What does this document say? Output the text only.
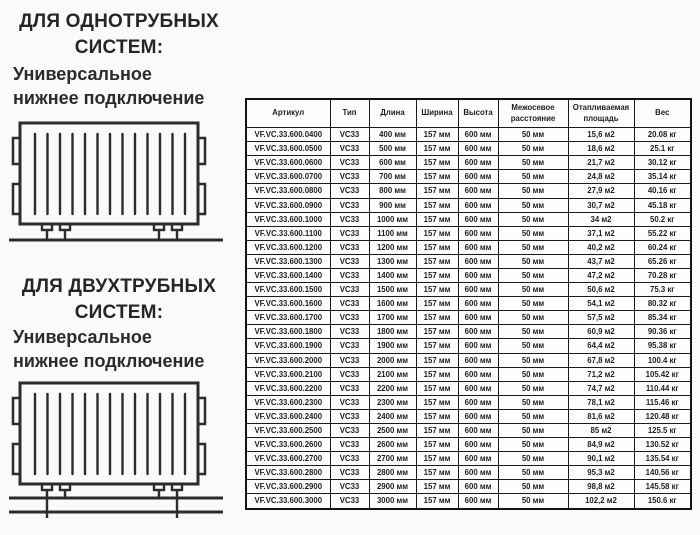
ДЛЯ ОДНОТРУБНЫХ
СИСТЕМ:
Универсальное
нижнее подключение
ДЛЯ ДВУХТРУБНЫХ
СИСТЕМ:
Универсальное
нижнее подключение
Артикул	Тип	Длина	Ширина	Высота	Межосевое расстояние	Отапливаемая площадь	Вес
VF.VC.33.600.0400	VC33	400 мм	157 мм	600 мм	50 мм	15,6 м2	20.08 кг
VF.VC.33.600.0500	VC33	500 мм	157 мм	600 мм	50 мм	18,6 м2	25.1 кг
VF.VC.33.600.0600	VC33	600 мм	157 мм	600 мм	50 мм	21,7 м2	30.12 кг
VF.VC.33.600.0700	VC33	700 мм	157 мм	600 мм	50 мм	24,8 м2	35.14 кг
VF.VC.33.600.0800	VC33	800 мм	157 мм	600 мм	50 мм	27,9 м2	40.16 кг
VF.VC.33.600.0900	VC33	900 мм	157 мм	600 мм	50 мм	30,7 м2	45.18 кг
VF.VC.33.600.1000	VC33	1000 мм	157 мм	600 мм	50 мм	34 м2	50.2 кг
VF.VC.33.600.1100	VC33	1100 мм	157 мм	600 мм	50 мм	37,1 м2	55.22 кг
VF.VC.33.600.1200	VC33	1200 мм	157 мм	600 мм	50 мм	40,2 м2	60.24 кг
VF.VC.33.600.1300	VC33	1300 мм	157 мм	600 мм	50 мм	43,7 м2	65.26 кг
VF.VC.33.600.1400	VC33	1400 мм	157 мм	600 мм	50 мм	47,2 м2	70.28 кг
VF.VC.33.600.1500	VC33	1500 мм	157 мм	600 мм	50 мм	50,6 м2	75.3 кг
VF.VC.33.600.1600	VC33	1600 мм	157 мм	600 мм	50 мм	54,1 м2	80.32 кг
VF.VC.33.600.1700	VC33	1700 мм	157 мм	600 мм	50 мм	57,5 м2	85.34 кг
VF.VC.33.600.1800	VC33	1800 мм	157 мм	600 мм	50 мм	60,9 м2	90.36 кг
VF.VC.33.600.1900	VC33	1900 мм	157 мм	600 мм	50 мм	64,4 м2	95.38 кг
VF.VC.33.600.2000	VC33	2000 мм	157 мм	600 мм	50 мм	67,8 м2	100.4 кг
VF.VC.33.600.2100	VC33	2100 мм	157 мм	600 мм	50 мм	71,2 м2	105.42 кг
VF.VC.33.600.2200	VC33	2200 мм	157 мм	600 мм	50 мм	74,7 м2	110.44 кг
VF.VC.33.600.2300	VC33	2300 мм	157 мм	600 мм	50 мм	78,1 м2	115.46 кг
VF.VC.33.600.2400	VC33	2400 мм	157 мм	600 мм	50 мм	81,6 м2	120.48 кг
VF.VC.33.600.2500	VC33	2500 мм	157 мм	600 мм	50 мм	85 м2	125.5 кг
VF.VC.33.600.2600	VC33	2600 мм	157 мм	600 мм	50 мм	84,9 м2	130.52 кг
VF.VC.33.600.2700	VC33	2700 мм	157 мм	600 мм	50 мм	90,1 м2	135.54 кг
VF.VC.33.600.2800	VC33	2800 мм	157 мм	600 мм	50 мм	95,3 м2	140.56 кг
VF.VC.33.600.2900	VC33	2900 мм	157 мм	600 мм	50 мм	98,8 м2	145.58 кг
VF.VC.33.600.3000	VC33	3000 мм	157 мм	600 мм	50 мм	102,2 м2	150.6 кг
